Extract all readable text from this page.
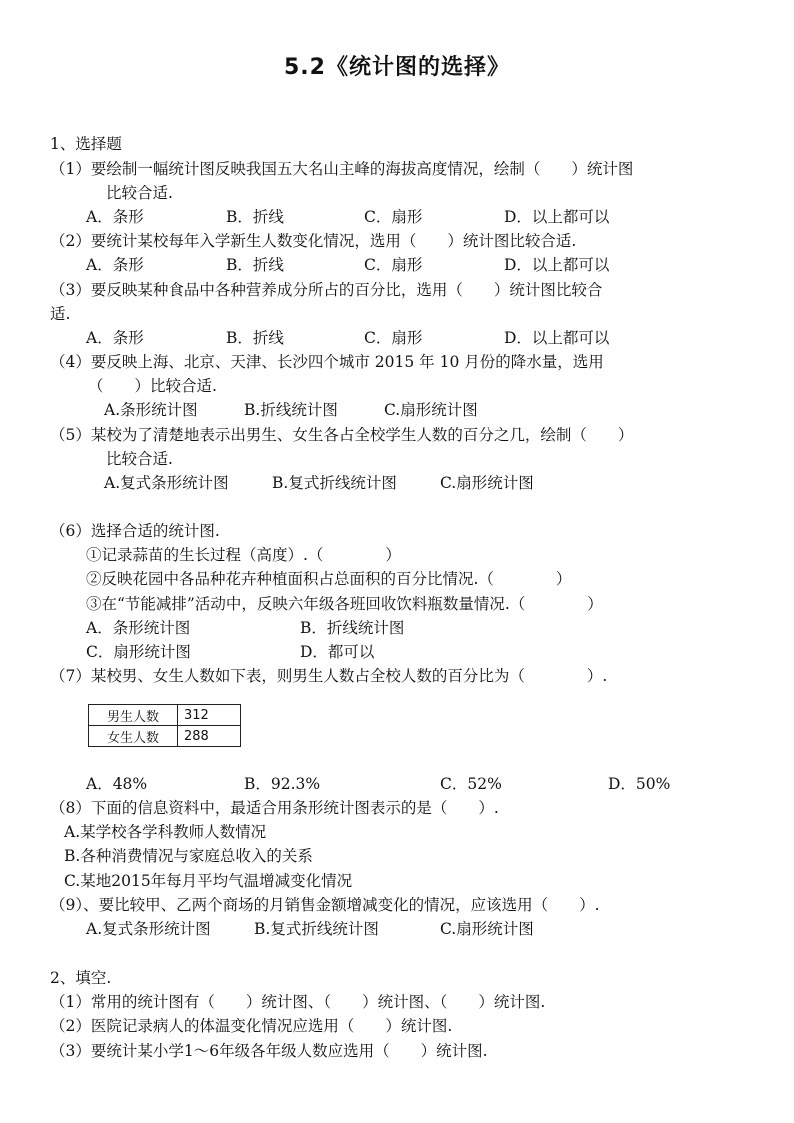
5.2《统计图的选择》
1、选择题
（1）要绘制一幅统计图反映我国五大名山主峰的海拔高度情况，绘制（　　）统计图
比较合适.
A．条形	B．折线	C．扇形	D．以上都可以
（2）要统计某校每年入学新生人数变化情况，选用（　　）统计图比较合适.
A．条形	B．折线	C．扇形	D．以上都可以
（3）要反映某种食品中各种营养成分所占的百分比，选用（　　）统计图比较合
适.
A．条形	B．折线	C．扇形	D．以上都可以
（4）要反映上海、北京、天津、长沙四个城市 2015 年 10 月份的降水量，选用
（　　）比较合适.
A.条形统计图	B.折线统计图	C.扇形统计图
（5）某校为了清楚地表示出男生、女生各占全校学生人数的百分之几，绘制（　　）
比较合适.
A.复式条形统计图	B.复式折线统计图	C.扇形统计图
（6）选择合适的统计图.
①记录蒜苗的生长过程（高度）.（　　　　）
②反映花园中各品种花卉种植面积占总面积的百分比情况.（　　　　）
③在“节能减排”活动中，反映六年级各班回收饮料瓶数量情况.（　　　　）
A．条形统计图	B．折线统计图
C．扇形统计图	D．都可以
（7）某校男、女生人数如下表，则男生人数占全校人数的百分比为（　　　　）.
男生人数	312
女生人数	288
A．48%	B．92.3%	C．52%	D．50%
（8）下面的信息资料中，最适合用条形统计图表示的是（　　）.
A.某学校各学科教师人数情况
B.各种消费情况与家庭总收入的关系
C.某地2015年每月平均气温增减变化情况
（9）、要比较甲、乙两个商场的月销售金额增减变化的情况，应该选用（　　）.
A.复式条形统计图	B.复式折线统计图	C.扇形统计图
2、填空.
（1）常用的统计图有（　　）统计图、（　　）统计图、（　　）统计图.
（2）医院记录病人的体温变化情况应选用（　　）统计图.
（3）要统计某小学1～6年级各年级人数应选用（　　）统计图.
